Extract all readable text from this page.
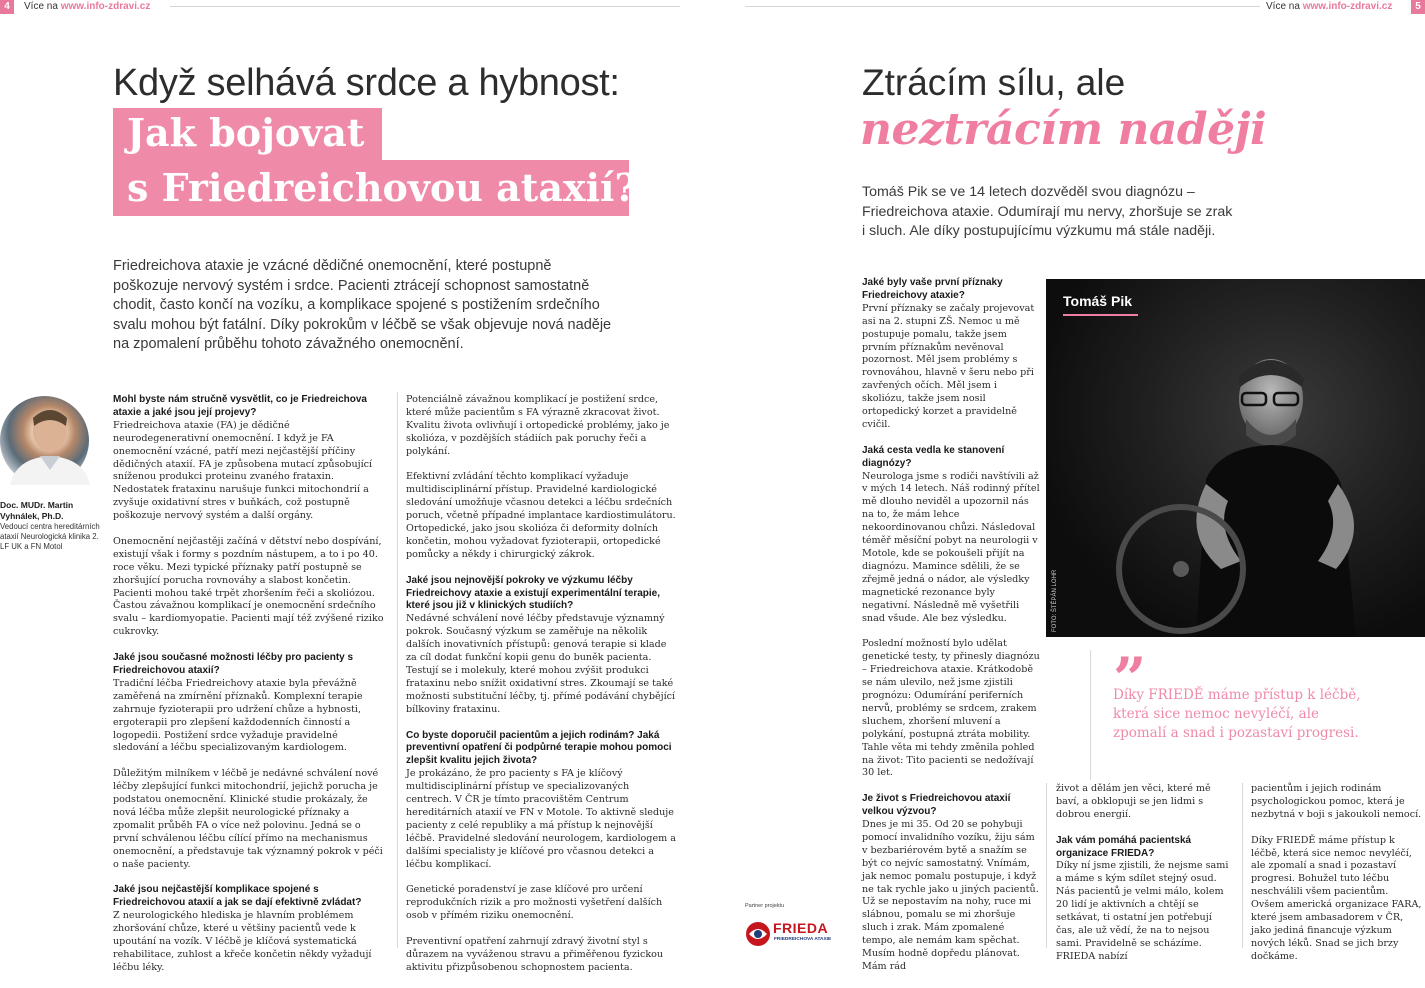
4	Více na www.info-zdravi.cz
Když selhává srdce a hybnost:
Jak bojovat
s Friedreichovou ataxií?
Friedreichova ataxie je vzácné dědičné onemocnění, které postupně poškozuje nervový systém i srdce. Pacienti ztrácejí schopnost samostatně chodit, často končí na vozíku, a komplikace spojené s postižením srdečního svalu mohou být fatální. Díky pokrokům v léčbě se však objevuje nová naděje na zpomalení průběhu tohoto závažného onemocnění.
Doc. MUDr. Martin Vyhnálek, Ph.D.
Vedoucí centra hereditárních ataxií Neurologická klinika 2. LF UK a FN Motol

Mohl byste nám stručně vysvětlit, co je Friedreichova ataxie a jaké jsou její projevy?
Friedreichova ataxie (FA) je dědičné neurodegenerativní onemocnění. I když je FA onemocnění vzácné, patří mezi nejčastější příčiny dědičných ataxií. FA je způsobena mutací způsobující sníženou produkci proteinu zvaného frataxin. Nedostatek frataxinu narušuje funkci mitochondrií a zvyšuje oxidativní stres v buňkách, což postupně poškozuje nervový systém a další orgány.

Onemocnění nejčastěji začíná v dětství nebo dospívání, existují však i formy s pozdním nástupem, a to i po 40. roce věku. Mezi typické příznaky patří postupně se zhoršující porucha rovnováhy a slabost končetin. Pacienti mohou také trpět zhoršením řeči a skoliózou. Častou závažnou komplikací je onemocnění srdečního svalu – kardiomyopatie. Pacienti mají též zvýšené riziko cukrovky.

Jaké jsou současné možnosti léčby pro pacienty s Friedreichovou ataxií?
Tradiční léčba Friedreichovy ataxie byla převážně zaměřená na zmírnění příznaků. Komplexní terapie zahrnuje fyzioterapii pro udržení chůze a hybnosti, ergoterapii pro zlepšení každodenních činností a logopedii. Postižení srdce vyžaduje pravidelné sledování a léčbu specializovaným kardiologem.

Důležitým milníkem v léčbě je nedávné schválení nové léčby zlepšující funkci mitochondrií, jejichž porucha je podstatou onemocnění. Klinické studie prokázaly, že nová léčba může zlepšit neurologické příznaky a zpomalit průběh FA o více než polovinu. Jedná se o první schválenou léčbu cílící přímo na mechanismus onemocnění, a představuje tak významný pokrok v péči o naše pacienty.

Jaké jsou nejčastější komplikace spojené s Friedreichovou ataxií a jak se dají efektivně zvládat?
Z neurologického hlediska je hlavním problémem zhoršování chůze, které u většiny pacientů vede k upoutání na vozík. V léčbě je klíčová systematická rehabilitace, zuhlost a křeče končetin někdy vyžadují léčbu léky.

Potenciálně závažnou komplikací je postižení srdce, které může pacientům s FA výrazně zkracovat život. Kvalitu života ovlivňují i ortopedické problémy, jako je skolióza, v pozdějších stádiích pak poruchy řeči a polykání.

Efektivní zvládání těchto komplikací vyžaduje multidisciplinární přístup. Pravidelné kardiologické sledování umožňuje včasnou detekci a léčbu srdečních poruch, včetně případné implantace kardiostimulátoru. Ortopedické, jako jsou skolióza či deformity dolních končetin, mohou vyžadovat fyzioterapii, ortopedické pomůcky a někdy i chirurgický zákrok.

Jaké jsou nejnovější pokroky ve výzkumu léčby Friedreichovy ataxie a existují experimentální terapie, které jsou již v klinických studiích?
Nedávné schválení nové léčby představuje významný pokrok. Současný výzkum se zaměřuje na několik dalších inovativních přístupů: genová terapie si klade za cíl dodat funkční kopii genu do buněk pacienta. Testují se i molekuly, které mohou zvýšit produkci frataxinu nebo snížit oxidativní stres. Zkoumají se také možnosti substituční léčby, tj. přímé podávání chybějící bílkoviny frataxinu.

Co byste doporučil pacientům a jejich rodinám? Jaká preventivní opatření či podpůrné terapie mohou pomoci zlepšit kvalitu jejich života?
Je prokázáno, že pro pacienty s FA je klíčový multidisciplinární přístup ve specializovaných centrech. V ČR je tímto pracovištěm Centrum hereditárních ataxií ve FN v Motole. To aktivně sleduje pacienty z celé republiky a má přístup k nejnovější léčbě. Pravidelné sledování neurologem, kardiologem a dalšími specialisty je klíčové pro včasnou detekci a léčbu komplikací.

Genetické poradenství je zase klíčové pro určení reprodukčních rizik a pro možnosti vyšetření dalších osob v přímém riziku onemocnění.

Preventivní opatření zahrnují zdravý životní styl s důrazem na vyváženou stravu a přiměřenou fyzickou aktivitu přizpůsobenou schopnostem pacienta.

Více na www.info-zdravi.cz	5
Ztrácím sílu, ale
neztrácím naději
Tomáš Pik se ve 14 letech dozvěděl svou diagnózu – Friedreichova ataxie. Odumírají mu nervy, zhoršuje se zrak i sluch. Ale díky postupujícímu výzkumu má stále naději.
Tomáš Pik
FOTO: ŠTĚPÁN LOHR
”
Díky FRIEDĚ máme přístup k léčbě, která sice nemoc nevyléčí, ale zpomalí a snad i pozastaví progresi.

Jaké byly vaše první příznaky Friedreichovy ataxie?
První příznaky se začaly projevovat asi na 2. stupni ZŠ. Nemoc u mě postupuje pomalu, takže jsem prvním příznakům nevěnoval pozornost. Měl jsem problémy s rovnováhou, hlavně v šeru nebo při zavřených očích. Měl jsem i skoliózu, takže jsem nosil ortopedický korzet a pravidelně cvičil.

Jaká cesta vedla ke stanovení diagnózy?
Neurologa jsme s rodiči navštívili až v mých 14 letech. Náš rodinný přítel mě dlouho neviděl a upozornil nás na to, že mám lehce nekoordinovanou chůzi. Následoval téměř měsíční pobyt na neurologii v Motole, kde se pokoušeli přijít na diagnózu. Mamince sdělili, že se zřejmě jedná o nádor, ale výsledky magnetické rezonance byly negativní. Následně mě vyšetřili snad všude. Ale bez výsledku.

Poslední možností bylo udělat genetické testy, ty přinesly diagnózu – Friedreichova ataxie. Krátkodobě se nám ulevilo, než jsme zjistili prognózu: Odumírání periferních nervů, problémy se srdcem, zrakem sluchem, zhoršení mluvení a polykání, postupná ztráta mobility. Tahle věta mi tehdy změnila pohled na život: Tito pacienti se nedožívají 30 let.

Je život s Friedreichovou ataxií velkou výzvou?
Dnes je mi 35. Od 20 se pohybuji pomocí invalidního vozíku, žiju sám v bezbariérovém bytě a snažím se být co nejvíc samostatný. Vnímám, jak nemoc pomalu postupuje, i když ne tak rychle jako u jiných pacientů. Už se nepostavím na nohy, ruce mi slábnou, pomalu se mi zhoršuje sluch i zrak. Mám zpomalené tempo, ale nemám kam spěchat. Musím hodně dopředu plánovat. Mám rád

život a dělám jen věci, které mě baví, a obklopuji se jen lidmi s dobrou energií.

Jak vám pomáhá pacientská organizace FRIEDA?
Díky ní jsme zjistili, že nejsme sami a máme s kým sdílet stejný osud. Nás pacientů je velmi málo, kolem 20 lidí je aktivních a chtějí se setkávat, ti ostatní jen potřebují čas, ale už vědí, že na to nejsou sami. Pravidelně se scházíme. FRIEDA nabízí

pacientům i jejich rodinám psychologickou pomoc, která je nezbytná v boji s jakoukoli nemocí.

Díky FRIEDĚ máme přístup k léčbě, která sice nemoc nevyléčí, ale zpomalí a snad i pozastaví progresi. Bohužel tuto léčbu neschválili všem pacientům. Ovšem americká organizace FARA, které jsem ambasadorem v ČR, jako jediná financuje výzkum nových léků. Snad se jich brzy dočkáme.

Partner projektu
FRIEDA
FRIEDREICHOVA ATAXIE
